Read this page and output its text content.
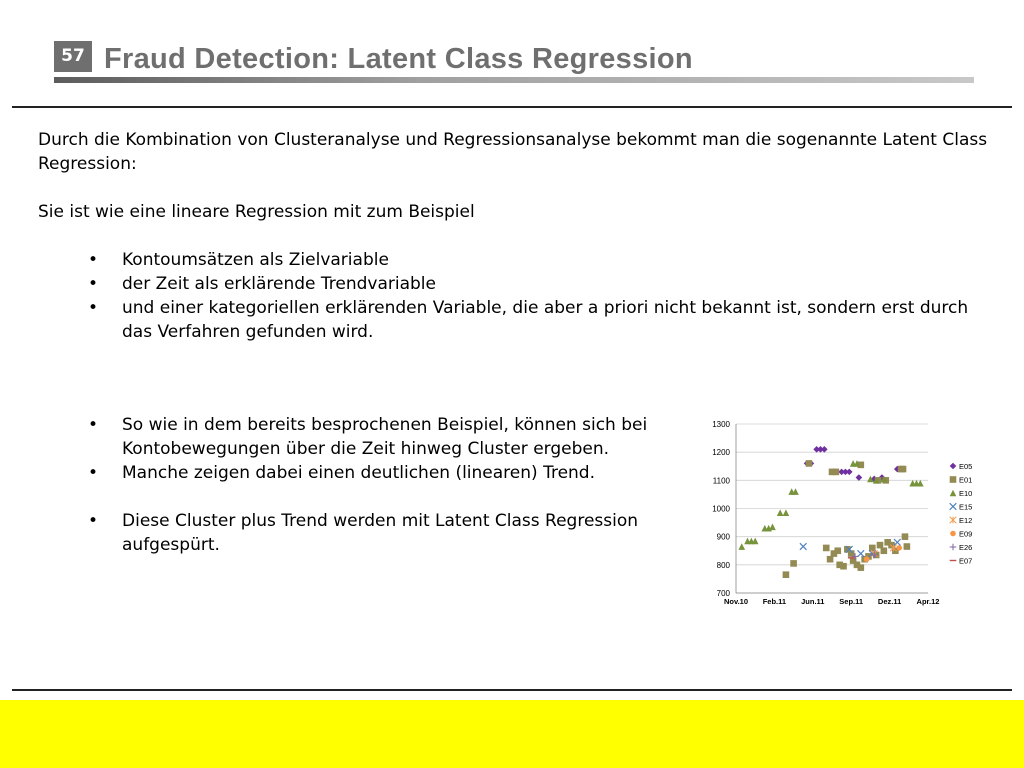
57 Fraud Detection: Latent Class Regression

Durch die Kombination von Clusteranalyse und Regressionsanalyse bekommt man die sogenannte Latent Class Regression:

Sie ist wie eine lineare Regression mit zum Beispiel

• Kontoumsätzen als Zielvariable
• der Zeit als erklärende Trendvariable
• und einer kategoriellen erklärenden Variable, die aber a priori nicht bekannt ist, sondern erst durch das Verfahren gefunden wird.
• So wie in dem bereits besprochenen Beispiel, können sich bei Kontobewegungen über die Zeit hinweg Cluster ergeben.
• Manche zeigen dabei einen deutlichen (linearen) Trend.
• Diese Cluster plus Trend werden mit Latent Class Regression aufgespürt.
700
800
900
1000
1100
1200
1300
Nov.10 Feb.11 Jun.11 Sep.11 Dez.11 Apr.12
E05
E01
E10
E15
E12
E09
E26
E07
